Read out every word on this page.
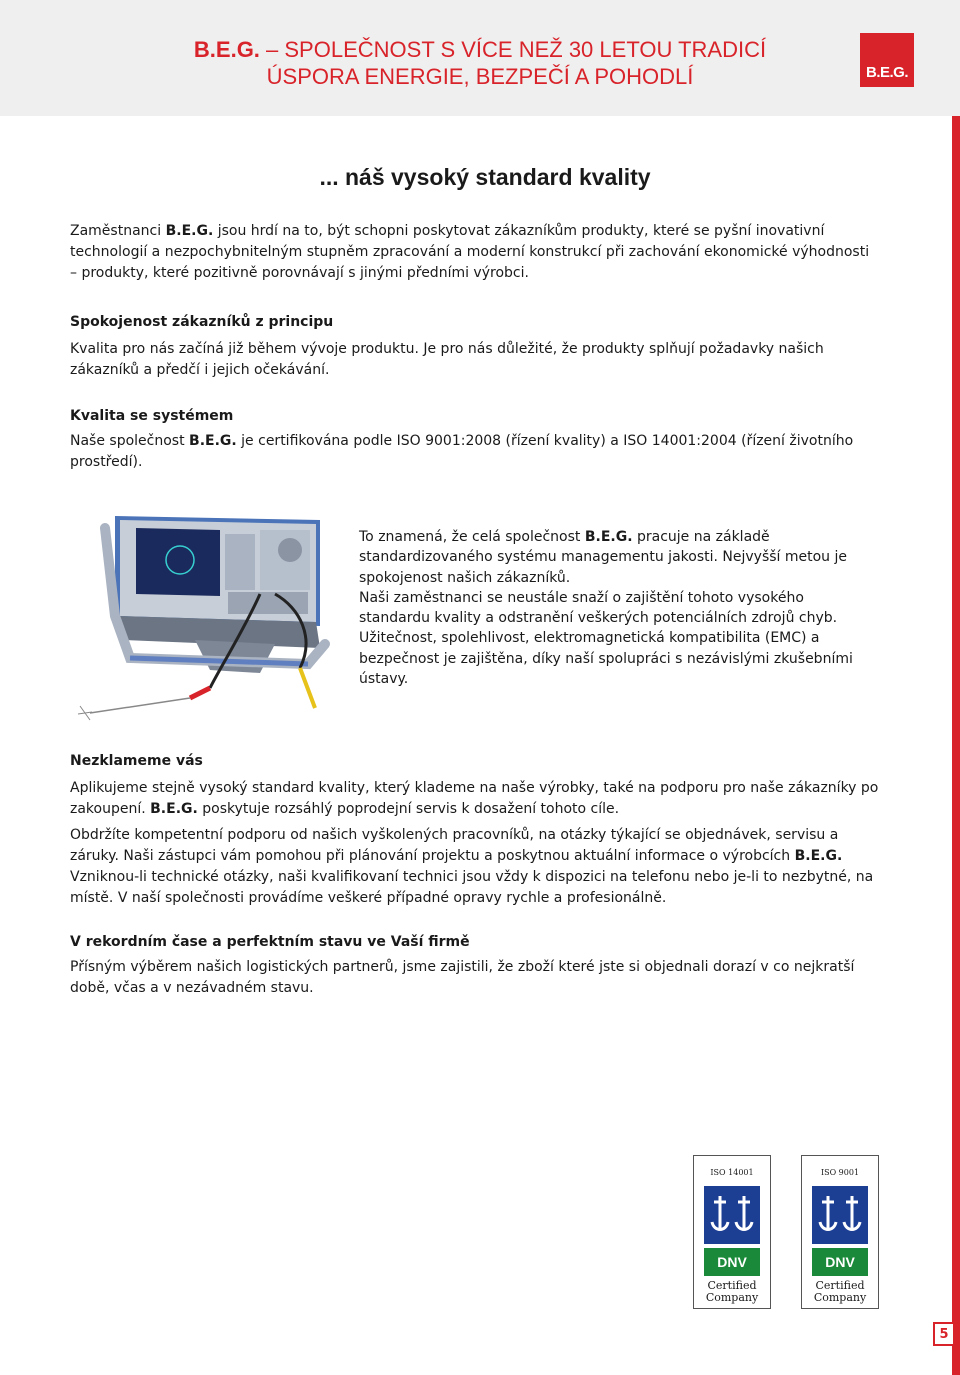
B.E.G. – SPOLEČNOST S VÍCE NEŽ 30 LETOU TRADICÍ
ÚSPORA ENERGIE, BEZPEČÍ A POHODLÍ	B.E.G.
... náš vysoký standard kvality

Zaměstnanci B.E.G. jsou hrdí na to, být schopni poskytovat zákazníkům produkty, které se pyšní inovativní technologií a nezpochybnitelným stupněm zpracování a moderní konstrukcí při zachování ekonomické výhodnosti – produkty, které pozitivně porovnávají s jinými předními výrobci.

Spokojenost zákazníků z principu

Kvalita pro nás začíná již během vývoje produktu. Je pro nás důležité, že produkty splňují požadavky našich zákazníků a předčí i jejich očekávání.

Kvalita se systémem

Naše společnost B.E.G. je certifikována podle ISO 9001:2008 (řízení kvality) a ISO 14001:2004 (řízení životního prostředí).

To znamená, že celá společnost B.E.G. pracuje na základě standardizovaného systému managementu jakosti. Nejvyšší metou je spokojenost našich zákazníků.

Naši zaměstnanci se neustále snaží o zajištění tohoto vysokého standardu kvality a odstranění veškerých potenciálních zdrojů chyb.

Užitečnost, spolehlivost, elektromagnetická kompatibilita (EMC) a bezpečnost je zajištěna, díky naší spolupráci s nezávislými zkušebními ústavy.

Nezklameme vás

Aplikujeme stejně vysoký standard kvality, který klademe na naše výrobky, také na podporu pro naše zákazníky po zakoupení. B.E.G. poskytuje rozsáhlý poprodejní servis k dosažení tohoto cíle.

Obdržíte kompetentní podporu od našich vyškolených pracovníků, na otázky týkající se objednávek, servisu a záruky. Naši zástupci vám pomohou při plánování projektu a poskytnou aktuální informace o výrobcích B.E.G. Vzniknou-li technické otázky, naši kvalifikovaní technici jsou vždy k dispozici na telefonu nebo je-li to nezbytné, na místě. V naší společnosti provádíme veškeré případné opravy rychle a profesionálně.

V rekordním čase a perfektním stavu ve Vaší firmě

Přísným výběrem našich logistických partnerů, jsme zajistili, že zboží které jste si objednali dorazí v co nejkratší době, včas a v nezávadném stavu.

ISO 14001
DNV
Certified
Company
ISO 9001
DNV
Certified
Company
5
